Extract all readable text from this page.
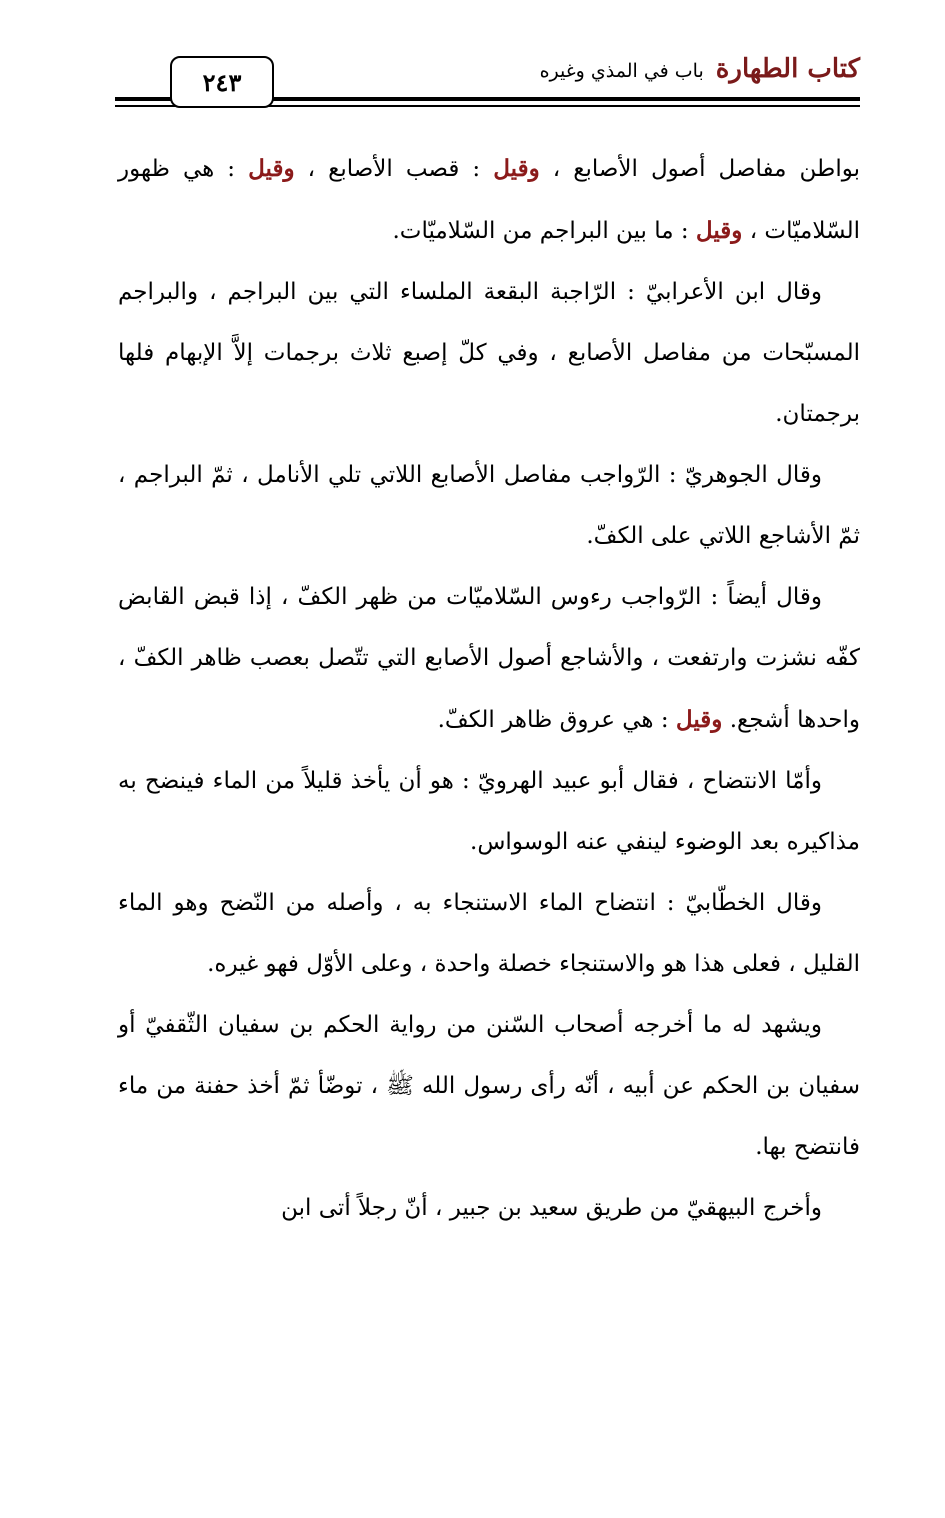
٢٤٣	كتاب الطهارةباب في المذي وغيره

بواطن مفاصل أصول الأصابع ، وقيل : قصب الأصابع ، وقيل : هي ظهور السّلاميّات ، وقيل : ما بين البراجم من السّلاميّات.

وقال ابن الأعرابيّ : الرّاجبة البقعة الملساء التي بين البراجم ، والبراجم المسبّحات من مفاصل الأصابع ، وفي كلّ إصبع ثلاث برجمات إلاَّ الإبهام فلها برجمتان.

وقال الجوهريّ : الرّواجب مفاصل الأصابع اللاتي تلي الأنامل ، ثمّ البراجم ، ثمّ الأشاجع اللاتي على الكفّ.

وقال أيضاً : الرّواجب رءوس السّلاميّات من ظهر الكفّ ، إذا قبض القابض كفّه نشزت وارتفعت ، والأشاجع أصول الأصابع التي تتّصل بعصب ظاهر الكفّ ، واحدها أشجع. وقيل : هي عروق ظاهر الكفّ.

وأمّا الانتضاح ، فقال أبو عبيد الهرويّ : هو أن يأخذ قليلاً من الماء فينضح به مذاكيره بعد الوضوء لينفي عنه الوسواس.

وقال الخطّابيّ : انتضاح الماء الاستنجاء به ، وأصله من النّضح وهو الماء القليل ، فعلى هذا هو والاستنجاء خصلة واحدة ، وعلى الأوّل فهو غيره.

ويشهد له ما أخرجه أصحاب السّنن من رواية الحكم بن سفيان الثّقفيّ أو سفيان بن الحكم عن أبيه ، أنّه رأى رسول الله ﷺ ، توضّأ ثمّ أخذ حفنة من ماء فانتضح بها.

وأخرج البيهقيّ من طريق سعيد بن جبير ، أنّ رجلاً أتى ابن
